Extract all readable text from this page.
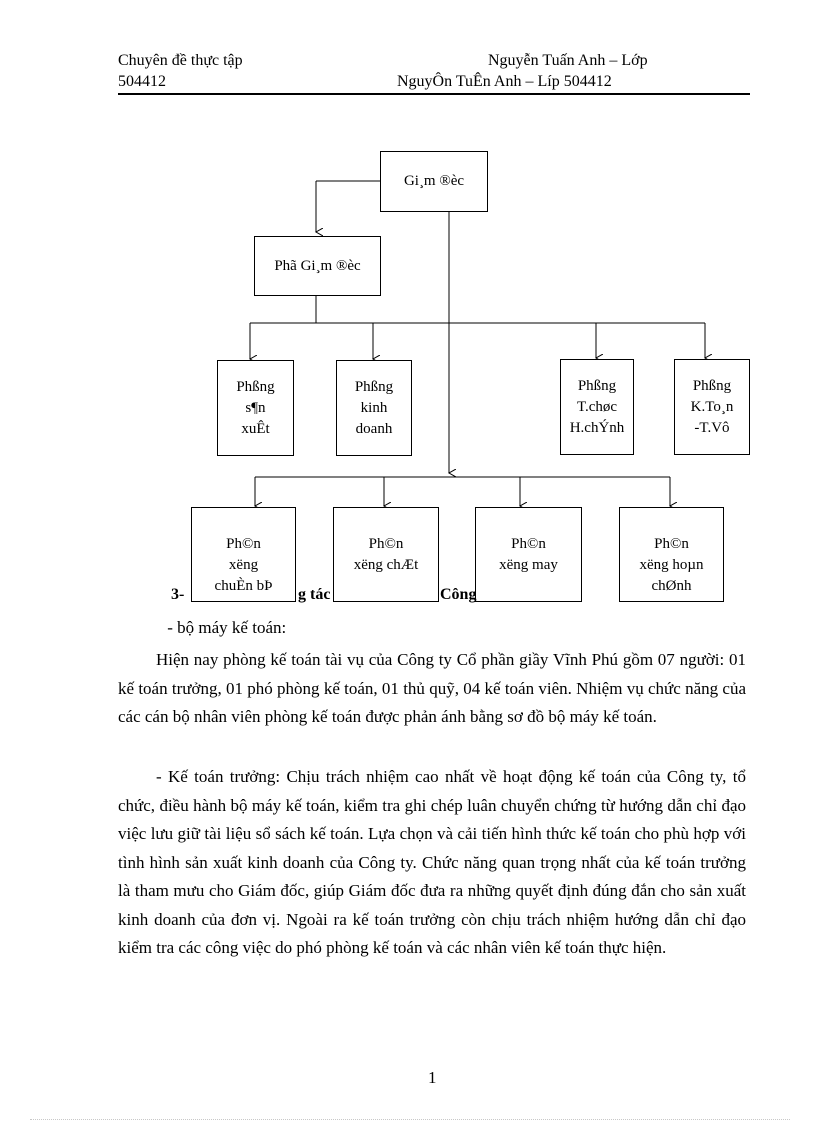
Chuyên đề thực tập	Nguyễn Tuấn Anh – Lớp
504412	NguyÔn TuÊn Anh – Líp 504412
Gi¸m ®èc
Phã Gi¸m ®èc
Phßng
s¶n
xuÊt
Phßng
kinh
doanh
Phßng
T.chøc
H.chÝnh
Phßng
K.To¸n
-T.Vô
Ph©n
xëng
chuÈn bÞ
Ph©n
xëng chÆt
Ph©n
xëng may
Ph©n
xëng hoµn
chØnh
3-	g tác	Công
- bộ máy kế toán:
Hiện nay phòng kế toán tài vụ của Công ty Cổ phần giầy Vĩnh Phú gồm 07 người: 01 kế toán trưởng, 01 phó phòng kế toán, 01 thủ quỹ, 04 kế toán viên. Nhiệm vụ chức năng của các cán bộ nhân viên phòng kế toán được phản ánh bằng sơ đồ bộ máy kế toán.
- Kế toán trưởng: Chịu trách nhiệm cao nhất về hoạt động kế toán của Công ty, tổ chức, điều hành bộ máy kế toán, kiểm tra ghi chép luân chuyển chứng từ hướng dẫn chỉ đạo việc lưu giữ tài liệu sổ sách kế toán. Lựa chọn và cải tiến hình thức kế toán cho phù hợp với tình hình sản xuất kinh doanh của Công ty. Chức năng quan trọng nhất của kế toán trưởng là tham mưu cho Giám đốc, giúp Giám đốc đưa ra những quyết định đúng đắn cho sản xuất kinh doanh của đơn vị. Ngoài ra kế toán trưởng còn chịu trách nhiệm hướng dẫn chỉ đạo kiểm tra các công việc do phó phòng kế toán và các nhân viên kế toán thực hiện.
1
